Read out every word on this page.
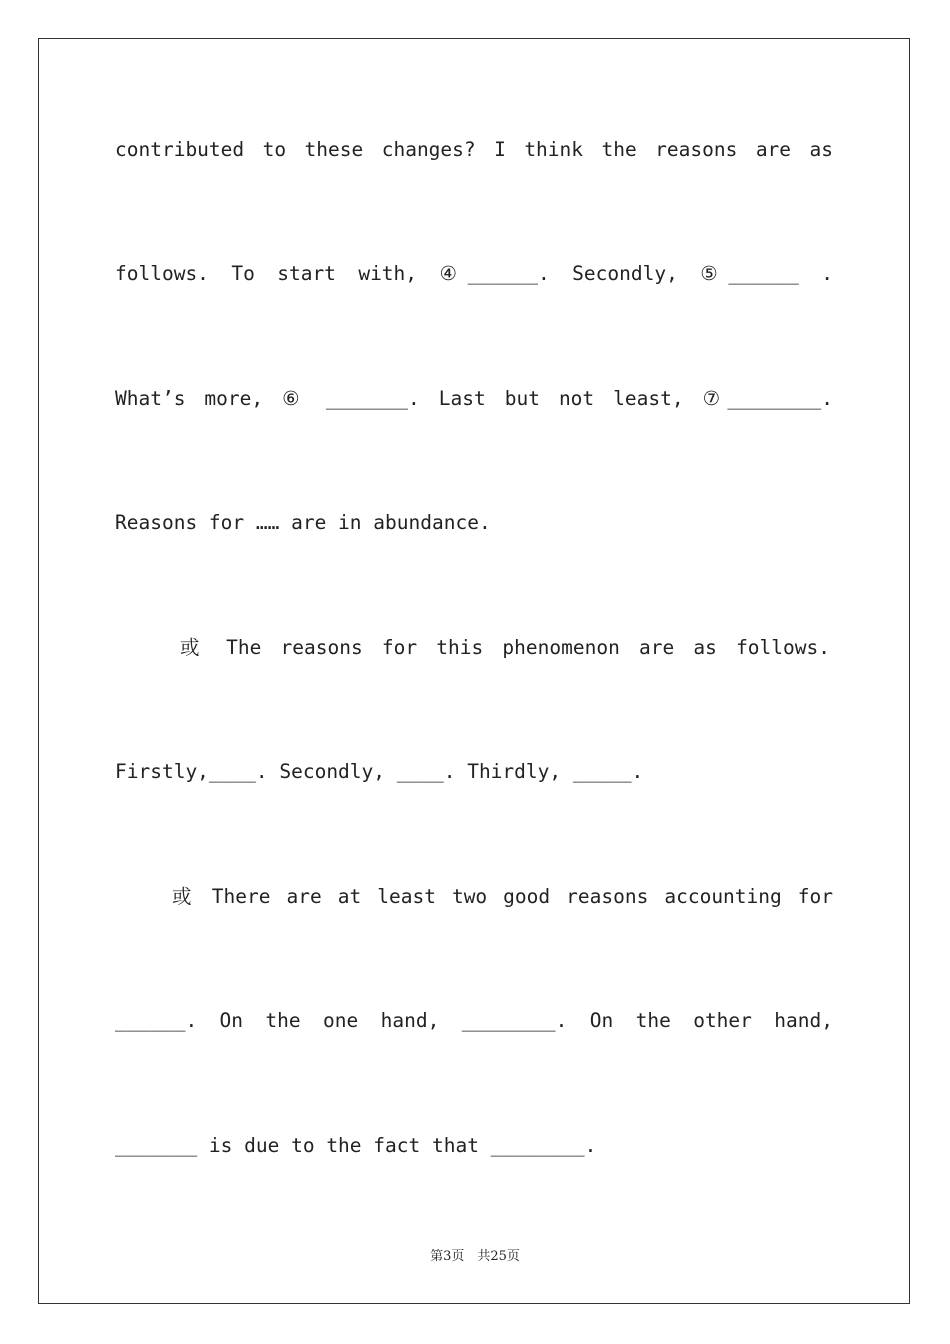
contributed to these changes? I think the reasons are as
follows. To start with, ④______. Secondly, ⑤______ .
What’s more, ⑥ _______. Last but not least, ⑦________.
Reasons for …… are in abundance.
或 The reasons for this phenomenon are as follows.
Firstly,____. Secondly, ____. Thirdly, _____.
或 There are at least two good reasons accounting for
______. On the one hand, ________. On the other hand,
_______ is due to the fact that ________.
第3页　共25页
